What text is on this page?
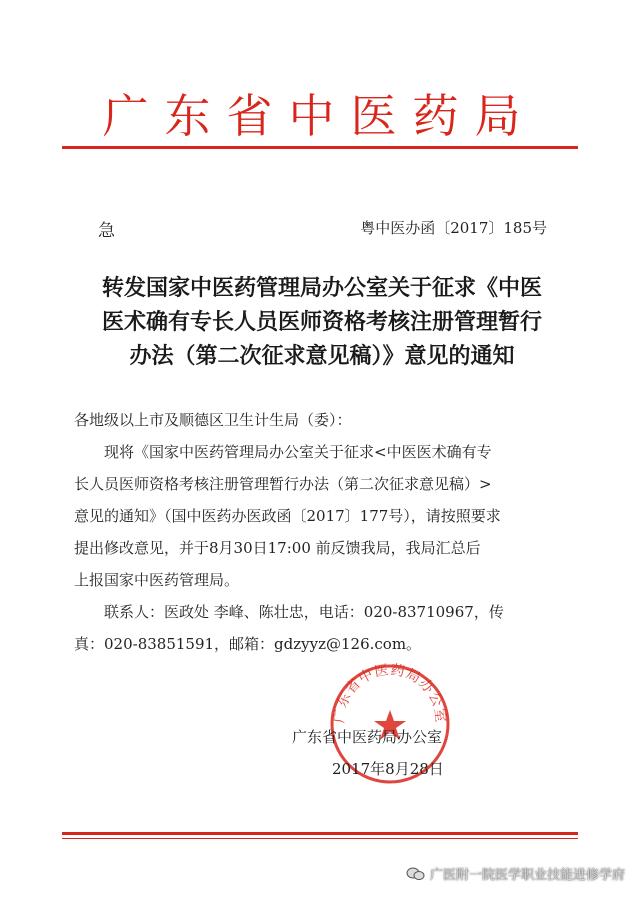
广东省中医药局
急	粤中医办函〔2017〕185号
转发国家中医药管理局办公室关于征求《中医
医术确有专长人员医师资格考核注册管理暂行
办法（第二次征求意见稿）》意见的通知
各地级以上市及顺德区卫生计生局（委）：
现将《国家中医药管理局办公室关于征求<中医医术确有专
长人员医师资格考核注册管理暂行办法（第二次征求意见稿）>
意见的通知》（国中医药办医政函〔2017〕177号），请按照要求
提出修改意见，并于8月30日17:00 前反馈我局，我局汇总后
上报国家中医药管理局。
联系人：医政处 李峰、陈壮忠，电话：020-83710967，传
真：020-83851591，邮箱：gdzyyz@126.com。
广东省中医药局办公室
广东省中医药局办公室
2017年8月28日
广医附一院医学职业技能进修学府
